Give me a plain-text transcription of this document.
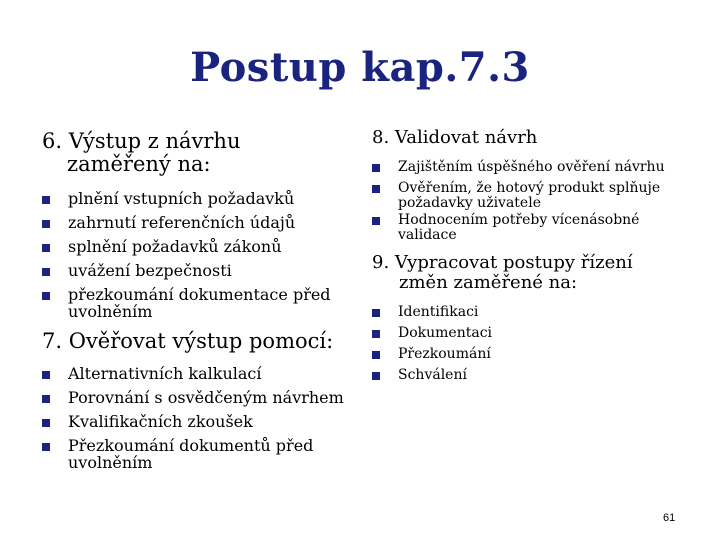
Postup kap.7.3
6. Výstup z návrhu
zaměřený na:
plnění vstupních požadavků
zahrnutí referenčních údajů
splnění požadavků zákonů
uvážení bezpečnosti
přezkoumání dokumentace před uvolněním
7. Ověřovat výstup pomocí:
Alternativních kalkulací
Porovnání s osvědčeným návrhem
Kvalifikačních zkoušek
Přezkoumání dokumentů před uvolněním
8. Validovat návrh
Zajištěním úspěšného ověření návrhu
Ověřením, že hotový produkt splňuje požadavky uživatele
Hodnocením potřeby vícenásobné validace
9. Vypracovat postupy řízení
změn zaměřené na:
Identifikaci
Dokumentaci
Přezkoumání
Schválení
61
